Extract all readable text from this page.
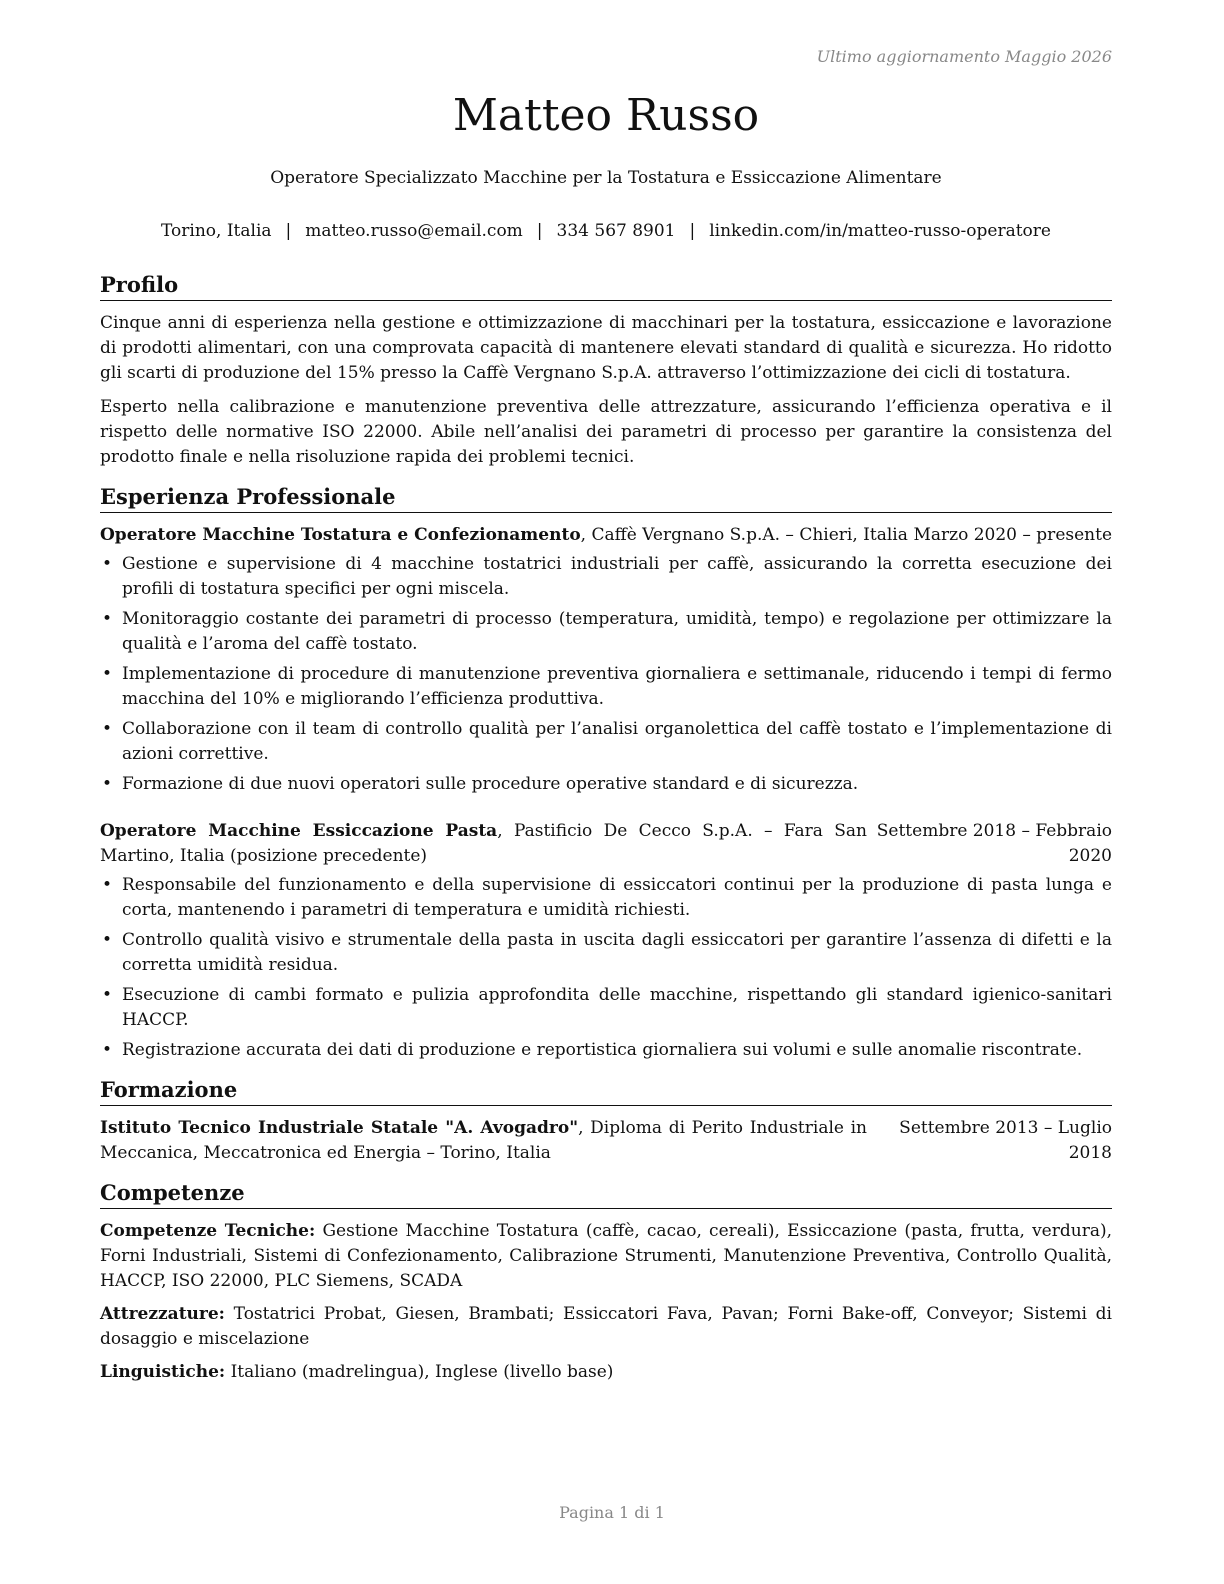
Ultimo aggiornamento Maggio 2026
Matteo Russo
Operatore Specializzato Macchine per la Tostatura e Essiccazione Alimentare
Torino, Italia | matteo.russo@email.com | 334 567 8901 | linkedin.com/in/matteo-russo-operatore
Profilo

Cinque anni di esperienza nella gestione e ottimizzazione di macchinari per la tostatura, essiccazione e lavorazione di prodotti alimentari, con una comprovata capacità di mantenere elevati standard di qualità e sicurezza. Ho ridotto gli scarti di produzione del 15% presso la Caffè Vergnano S.p.A. attraverso l’ottimizzazione dei cicli di tostatura.

Esperto nella calibrazione e manutenzione preventiva delle attrezzature, assicurando l’efficienza operativa e il rispetto delle normative ISO 22000. Abile nell’analisi dei parametri di processo per garantire la consistenza del prodotto finale e nella risoluzione rapida dei problemi tecnici.

Esperienza Professionale
Operatore Macchine Tostatura e Confezionamento, Caffè Vergnano S.p.A. – Chieri, Italia Marzo 2020 – presente
• Gestione e supervisione di 4 macchine tostatrici industriali per caffè, assicurando la corretta esecuzione dei profili di tostatura specifici per ogni miscela.
• Monitoraggio costante dei parametri di processo (temperatura, umidità, tempo) e regolazione per ottimizzare la qualità e l’aroma del caffè tostato.
• Implementazione di procedure di manutenzione preventiva giornaliera e settimanale, riducendo i tempi di fermo macchina del 10% e migliorando l’efficienza produttiva.
• Collaborazione con il team di controllo qualità per l’analisi organolettica del caffè tostato e l’implementazione di azioni correttive.
• Formazione di due nuovi operatori sulle procedure operative standard e di sicurezza.
Operatore Macchine Essiccazione Pasta, Pastificio De Cecco S.p.A. – Fara San Martino, Italia (posizione precedente)
Settembre 2018 – Febbraio 2020
• Responsabile del funzionamento e della supervisione di essiccatori continui per la produzione di pasta lunga e corta, mantenendo i parametri di temperatura e umidità richiesti.
• Controllo qualità visivo e strumentale della pasta in uscita dagli essiccatori per garantire l’assenza di difetti e la corretta umidità residua.
• Esecuzione di cambi formato e pulizia approfondita delle macchine, rispettando gli standard igienico-sanitari HACCP.
• Registrazione accurata dei dati di produzione e reportistica giornaliera sui volumi e sulle anomalie riscontrate.
Formazione
Istituto Tecnico Industriale Statale "A. Avogadro", Diploma di Perito Industriale in Meccanica, Meccatronica ed Energia – Torino, Italia
Settembre 2013 – Luglio 2018
Competenze
Competenze Tecniche: Gestione Macchine Tostatura (caffè, cacao, cereali), Essiccazione (pasta, frutta, verdura), Forni Industriali, Sistemi di Confezionamento, Calibrazione Strumenti, Manutenzione Preventiva, Controllo Qualità, HACCP, ISO 22000, PLC Siemens, SCADA
Attrezzature: Tostatrici Probat, Giesen, Brambati; Essiccatori Fava, Pavan; Forni Bake-off, Conveyor; Sistemi di dosaggio e miscelazione
Linguistiche: Italiano (madrelingua), Inglese (livello base)
Pagina 1 di 1
